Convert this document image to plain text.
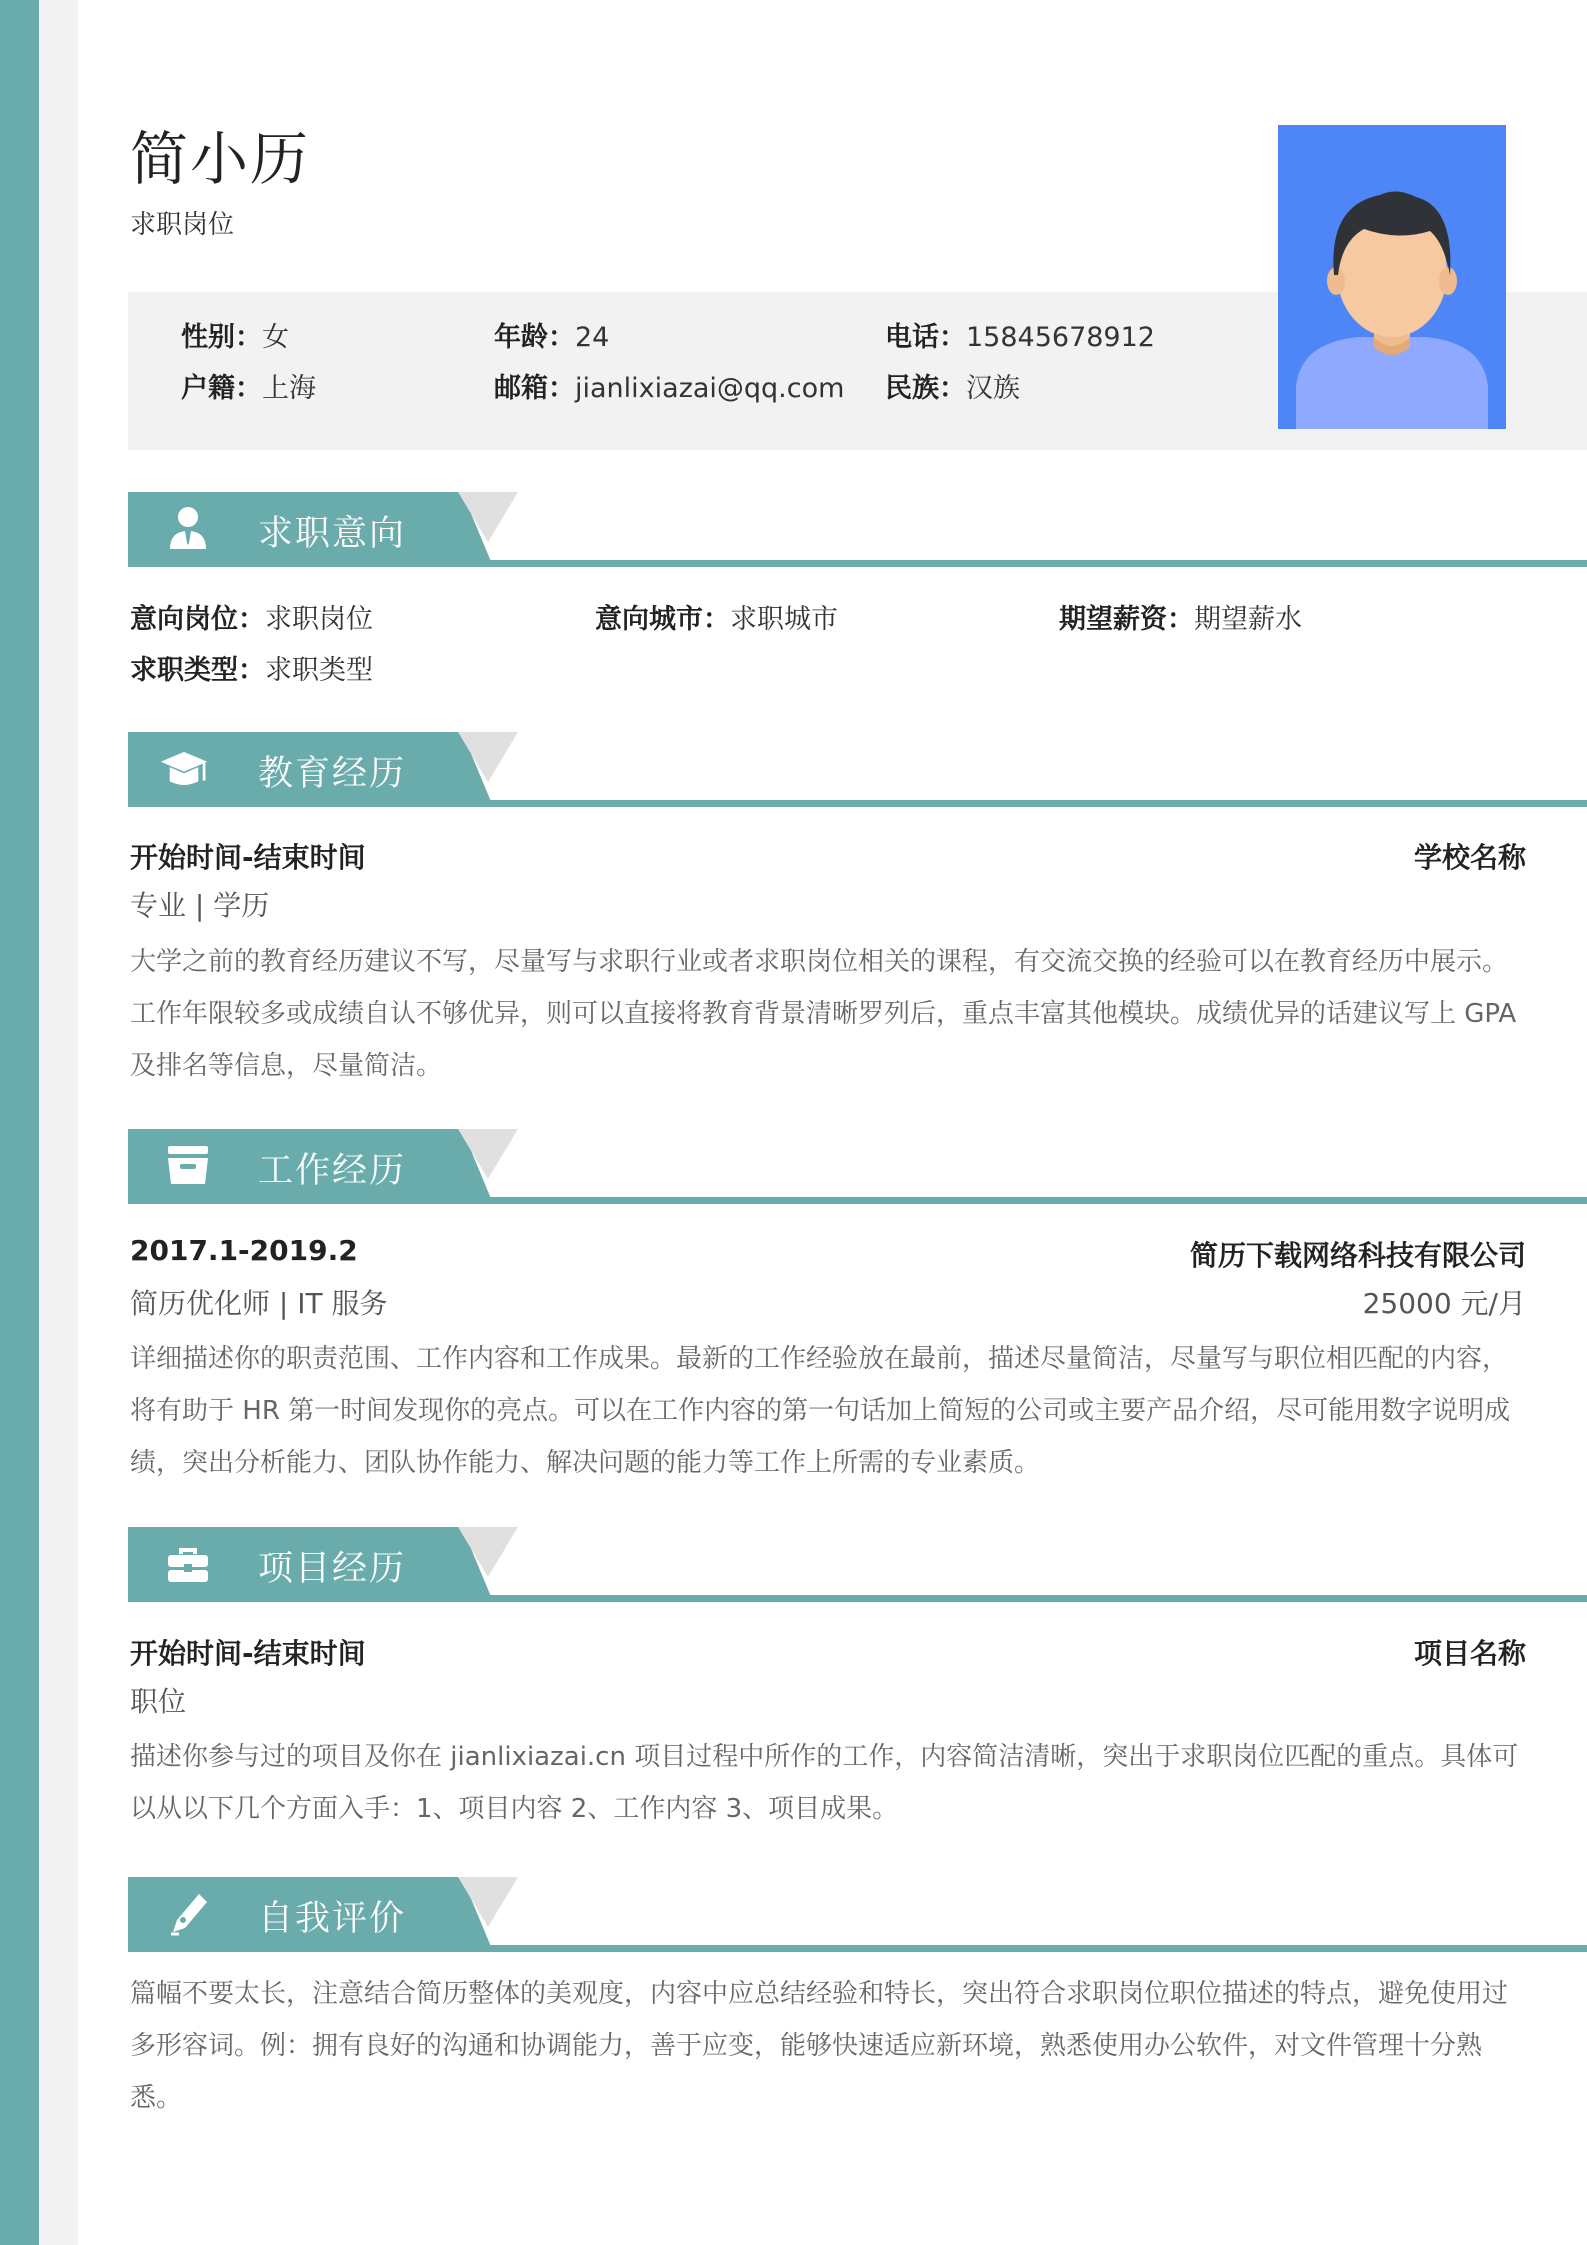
简小历
求职岗位
性别：女	年龄：24	电话：15845678912
户籍：上海	邮箱：jianlixiazai@qq.com 民族：汉族
求职意向
意向岗位：求职岗位	意向城市：求职城市	期望薪资：期望薪水
求职类型：求职类型
教育经历
开始时间-结束时间	学校名称
专业 | 学历
大学之前的教育经历建议不写，尽量写与求职行业或者求职岗位相关的课程，有交流交换的经验可以在教育经历中展示。工作年限较多或成绩自认不够优异，则可以直接将教育背景清晰罗列后，重点丰富其他模块。成绩优异的话建议写上 GPA 及排名等信息，尽量简洁。
工作经历
2017.1-2019.2	简历下载网络科技有限公司
简历优化师 | IT 服务	25000 元/月
详细描述你的职责范围、工作内容和工作成果。最新的工作经验放在最前，描述尽量简洁，尽量写与职位相匹配的内容，将有助于 HR 第一时间发现你的亮点。可以在工作内容的第一句话加上简短的公司或主要产品介绍，尽可能用数字说明成绩，突出分析能力、团队协作能力、解决问题的能力等工作上所需的专业素质。
项目经历
开始时间-结束时间	项目名称
职位
描述你参与过的项目及你在 jianlixiazai.cn 项目过程中所作的工作，内容简洁清晰，突出于求职岗位匹配的重点。具体可以从以下几个方面入手：1、项目内容 2、工作内容 3、项目成果。
自我评价
篇幅不要太长，注意结合简历整体的美观度，内容中应总结经验和特长，突出符合求职岗位职位描述的特点，避免使用过多形容词。例：拥有良好的沟通和协调能力，善于应变，能够快速适应新环境，熟悉使用办公软件，对文件管理十分熟悉。
